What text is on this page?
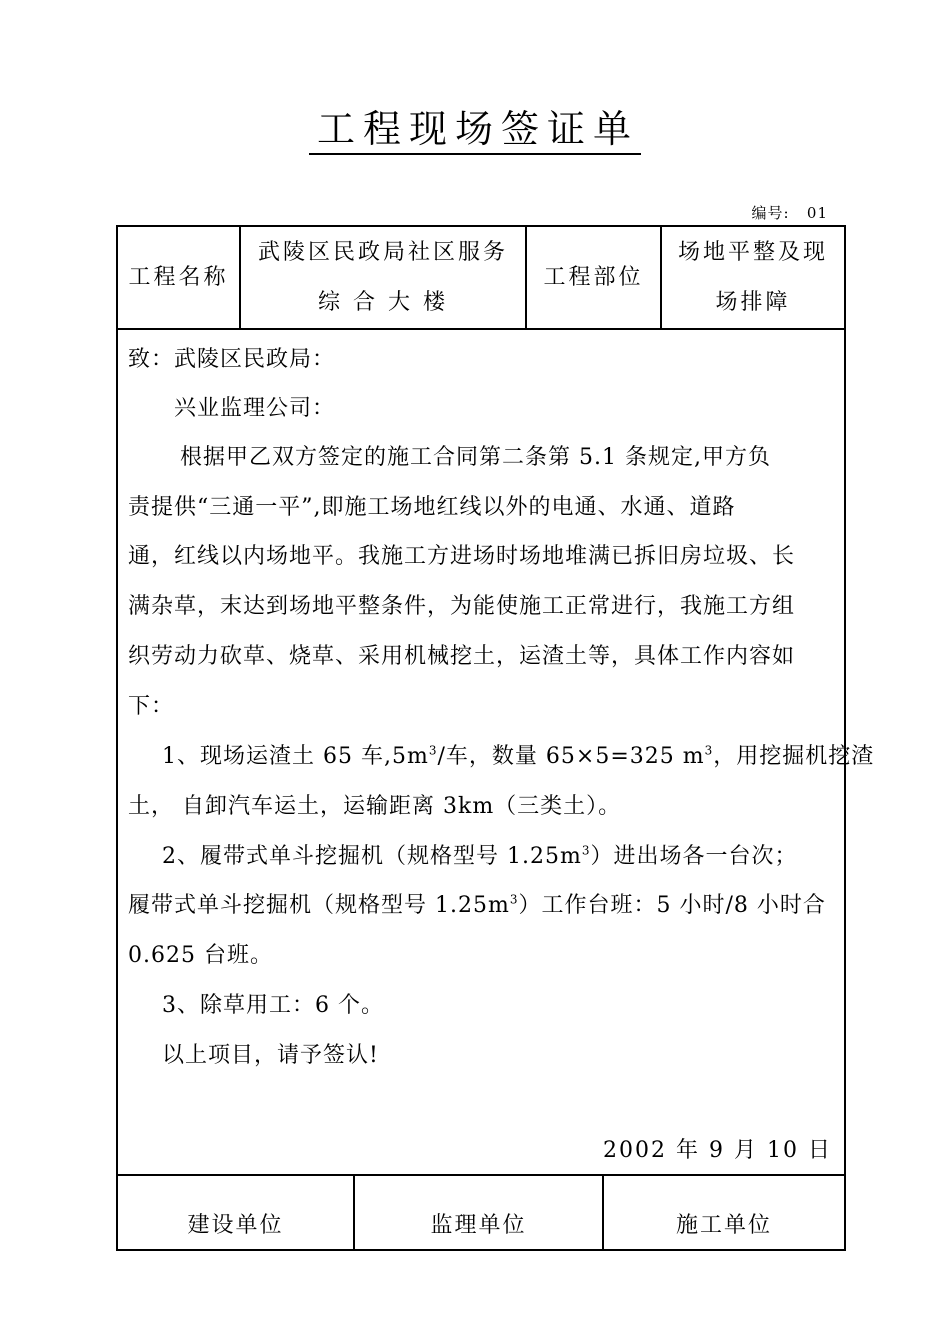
工程现场签证单
编号: 01
工程名称
武陵区民政局社区服务
综 合 大 楼
工程部位
场地平整及现
场排障
致：武陵区民政局：
兴业监理公司：
根据甲乙双方签定的施工合同第二条第 5.1 条规定,甲方负
责提供“三通一平”,即施工场地红线以外的电通、水通、道路
通，红线以内场地平。我施工方进场时场地堆满已拆旧房垃圾、长
满杂草，末达到场地平整条件，为能使施工正常进行，我施工方组
织劳动力砍草、烧草、采用机械挖土，运渣土等，具体工作内容如
下：
1、现场运渣土 65 车$,5m^3/$车，数量 65×5=325 $m^3$，用挖掘机挖渣
土， 自卸汽车运土，运输距离 3km（三类土）。
2、履带式单斗挖掘机（规格型号 $1.25m^3$）进出场各一台次；
履带式单斗挖掘机（规格型号 $1.25m^3$）工作台班：5 小时/8 小时合
0.625 台班。
3、除草用工：6 个。
以上项目，请予签认!
2002 年 9 月 10 日
建设单位	监理单位	施工单位
